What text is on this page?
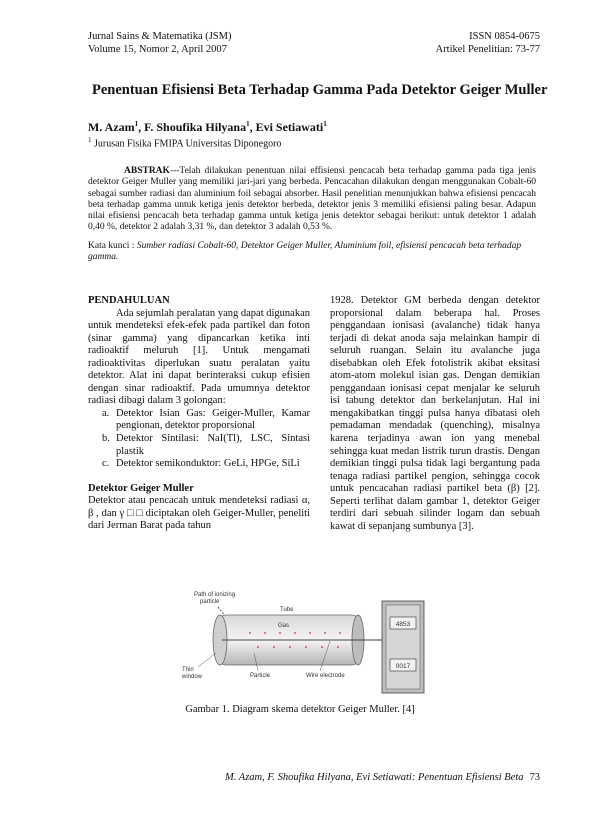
Jurnal Sains & Matematika (JSM)
Volume 15, Nomor 2, April 2007
ISSN 0854-0675
Artikel Penelitian: 73-77
Penentuan Efisiensi Beta Terhadap Gamma Pada Detektor Geiger Muller
M. Azam$^1$, F. Shoufika Hilyana$^1$, Evi Setiawati$^1$
$^1$ Jurusan Fisika FMIPA Universitas Diponegoro
ABSTRAK---Telah dilakukan penentuan nilai effisiensi pencacah beta terhadap gamma pada tiga jenis detektor Geiger Muller yang memiliki jari-jari yang berbeda. Pencacahan dilakukan dengan menggunakan Cobalt-60 sebagai sumber radiasi dan aluminium foil sebagai absorber. Hasil penelitian menunjukkan bahwa efisiensi pencacah beta terhadap gamma untuk ketiga jenis detektor berbeda, detektor jenis 3 memiliki efisiensi paling besar. Adapun nilai efisiensi pencacah beta terhadap gamma untuk ketiga jenis detektor sebagai berikut: untuk detektor 1 adalah 0,40 %, detektor 2 adalah 3,31 %, dan detektor 3 adalah 0,53 %.
Kata kunci : Sumber radiasi Cobalt-60, Detektor Geiger Muller, Aluminium foil, efisiensi pencacah beta terhadap gamma.
PENDAHULUAN

Ada sejumlah peralatan yang dapat digunakan untuk mendeteksi efek-efek pada partikel dan foton (sinar gamma) yang dipancarkan ketika inti radioaktif meluruh [1]. Untuk mengamati radioaktivitas diperlukan suatu peralatan yaitu detektor. Alat ini dapat berinteraksi cukup efisien dengan sinar radioaktif. Pada umumnya detektor radiasi dibagi dalam 3 golongan:

a. Detektor Isian Gas: Geiger-Muller, Kamar pengionan, detektor proporsional
b. Detektor Sintilasi: NaI(Tl), LSC, Sintasi plastik
c. Detektor semikonduktor: GeLi, HPGe, SiLi
Detektor Geiger Muller

Detektor atau pencacah untuk mendeteksi radiasi α, β , dan γ □ □ diciptakan oleh Geiger-Muller, peneliti dari Jerman Barat pada tahun

1928. Detektor GM berbeda dengan detektor proporsional dalam beberapa hal. Proses penggandaan ionisasi (avalanche) tidak hanya terjadi di dekat anoda saja melainkan hampir di seluruh ruangan. Selain itu avalanche juga disebabkan oleh Efek fotolistrik akibat eksitasi atom-atom molekul isian gas. Dengan demikian penggandaan ionisasi cepat menjalar ke seluruh isi tabung detektor dan berkelanjutan. Hal ini mengakibatkan tinggi pulsa hanya dibatasi oleh pemadaman mendadak (quenching), misalnya karena terjadinya awan ion yang menebal sehingga kuat medan listrik turun drastis. Dengan demikian tinggi pulsa tidak lagi bergantung pada tenaga radiasi partikel pengion, sehingga cocok untuk pencacahan radiasi partikel beta (β) [2]. Seperti terlihat dalam gambar 1, detektor Geiger terdiri dari sebuah silinder logam dan sebuah kawat di sepanjang sumbunya [3].

4853
0017
Path of ionizing
particle
Tube
Gas
Thin
window	Particle	Wire electrode
Gambar 1. Diagram skema detektor Geiger Muller. [4]
M. Azam, F. Shoufika Hilyana, Evi Setiawati: Penentuan Efisiensi Beta 73
